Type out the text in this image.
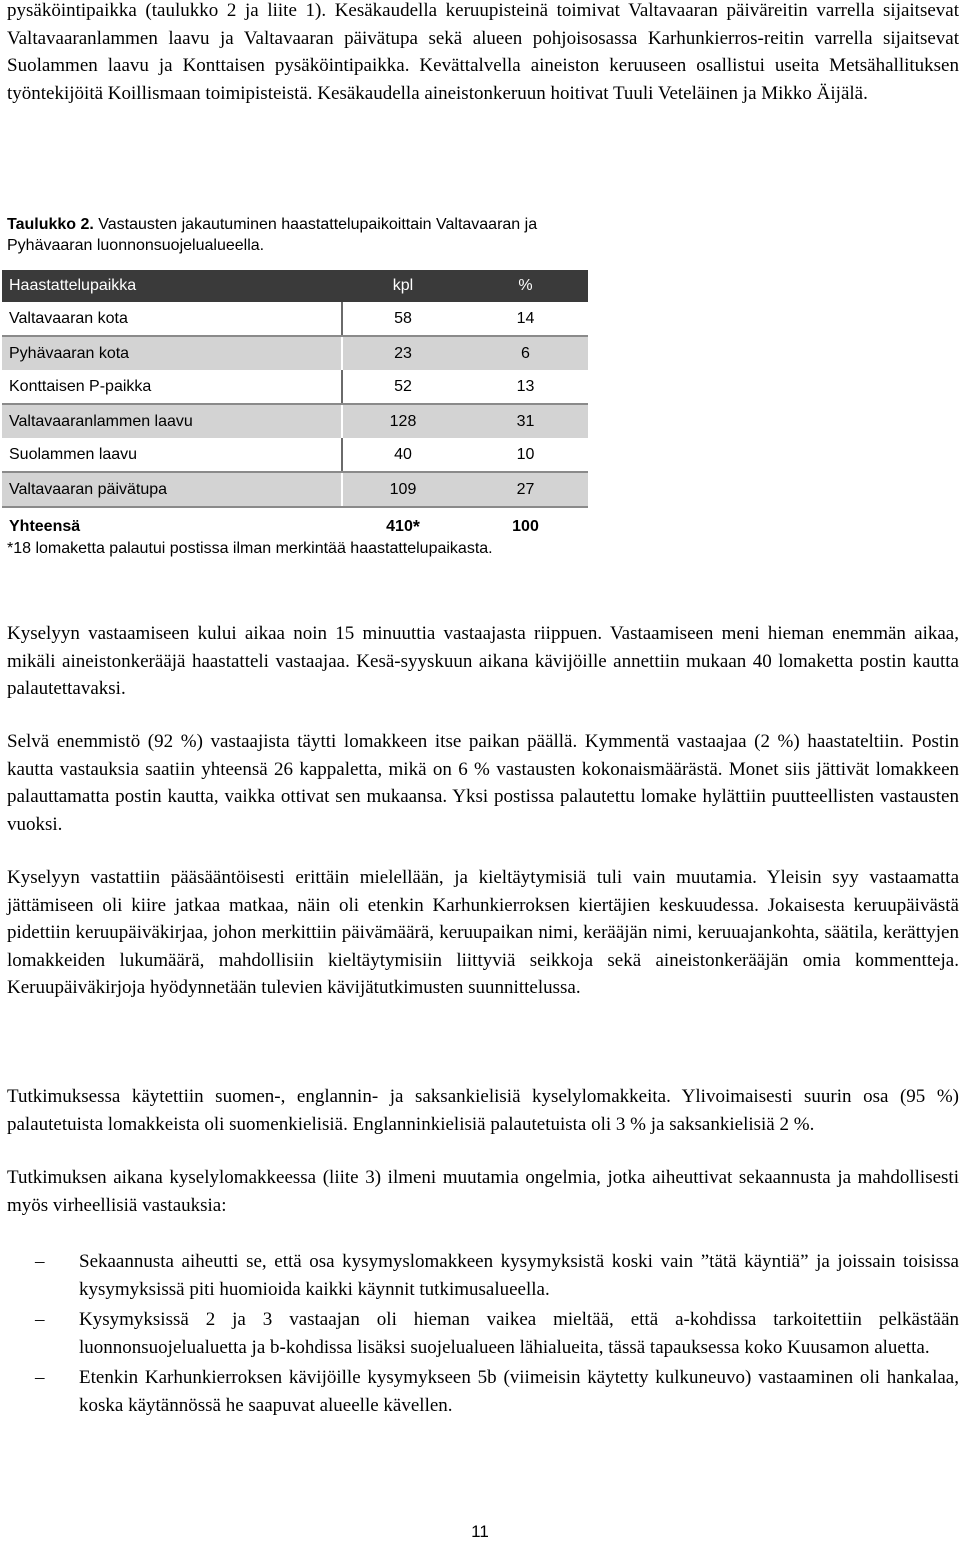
pysäköintipaikka (taulukko 2 ja liite 1). Kesäkaudella keruupisteinä toimivat Valtavaaran päiväreitin varrella sijaitsevat Valtavaaranlammen laavu ja Valtavaaran päivätupa sekä alueen pohjoisosassa Karhunkierros-reitin varrella sijaitsevat Suolammen laavu ja Konttaisen pysäköintipaikka. Kevättalvella aineiston keruuseen osallistui useita Metsähallituksen työntekijöitä Koillismaan toimipisteistä. Kesäkaudella aineistonkeruun hoitivat Tuuli Veteläinen ja Mikko Äijälä.

Taulukko 2. Vastausten jakautuminen haastattelupaikoittain Valtavaaran ja Pyhävaaran luonnonsuojelualueella.

Haastattelupaikka	kpl	%
Valtavaaran kota	58	14
Pyhävaaran kota	23	6
Konttaisen P-paikka	52	13
Valtavaaranlammen laavu	128	31
Suolammen laavu	40	10
Valtavaaran päivätupa	109	27
Yhteensä	410 *	100
*18 lomaketta palautui postissa ilman merkintää haastattelupaikasta.

Kyselyyn vastaamiseen kului aikaa noin 15 minuuttia vastaajasta riippuen. Vastaamiseen meni hieman enemmän aikaa, mikäli aineistonkerääjä haastatteli vastaajaa. Kesä-syyskuun aikana kävijöille annettiin mukaan 40 lomaketta postin kautta palautettavaksi.

Selvä enemmistö (92 %) vastaajista täytti lomakkeen itse paikan päällä. Kymmentä vastaajaa (2 %) haastateltiin. Postin kautta vastauksia saatiin yhteensä 26 kappaletta, mikä on 6 % vastausten kokonaismäärästä. Monet siis jättivät lomakkeen palauttamatta postin kautta, vaikka ottivat sen mukaansa. Yksi postissa palautettu lomake hylättiin puutteellisten vastausten vuoksi.

Kyselyyn vastattiin pääsääntöisesti erittäin mielellään, ja kieltäytymisiä tuli vain muutamia. Yleisin syy vastaamatta jättämiseen oli kiire jatkaa matkaa, näin oli etenkin Karhunkierroksen kiertäjien keskuudessa. Jokaisesta keruupäivästä pidettiin keruupäiväkirjaa, johon merkittiin päivämäärä, keruupaikan nimi, kerääjän nimi, keruuajankohta, säätila, kerättyjen lomakkeiden lukumäärä, mahdollisiin kieltäytymisiin liittyviä seikkoja sekä aineistonkerääjän omia kommentteja. Keruupäiväkirjoja hyödynnetään tulevien kävijätutkimusten suunnittelussa.

Tutkimuksessa käytettiin suomen-, englannin- ja saksankielisiä kyselylomakkeita. Ylivoimaisesti suurin osa (95 %) palautetuista lomakkeista oli suomenkielisiä. Englanninkielisiä palautetuista oli 3 % ja saksankielisiä 2 %.

Tutkimuksen aikana kyselylomakkeessa (liite 3) ilmeni muutamia ongelmia, jotka aiheuttivat sekaannusta ja mahdollisesti myös virheellisiä vastauksia:

– Sekaannusta aiheutti se, että osa kysymyslomakkeen kysymyksistä koski vain ”tätä käyntiä” ja joissain toisissa kysymyksissä piti huomioida kaikki käynnit tutkimusalueella.
– Kysymyksissä 2 ja 3 vastaajan oli hieman vaikea mieltää, että a-kohdissa tarkoitettiin pelkästään luonnonsuojelualuetta ja b-kohdissa lisäksi suojelualueen lähialueita, tässä tapauksessa koko Kuusamon aluetta.
– Etenkin Karhunkierroksen kävijöille kysymykseen 5b (viimeisin käytetty kulkuneuvo) vastaaminen oli hankalaa, koska käytännössä he saapuvat alueelle kävellen.
11
